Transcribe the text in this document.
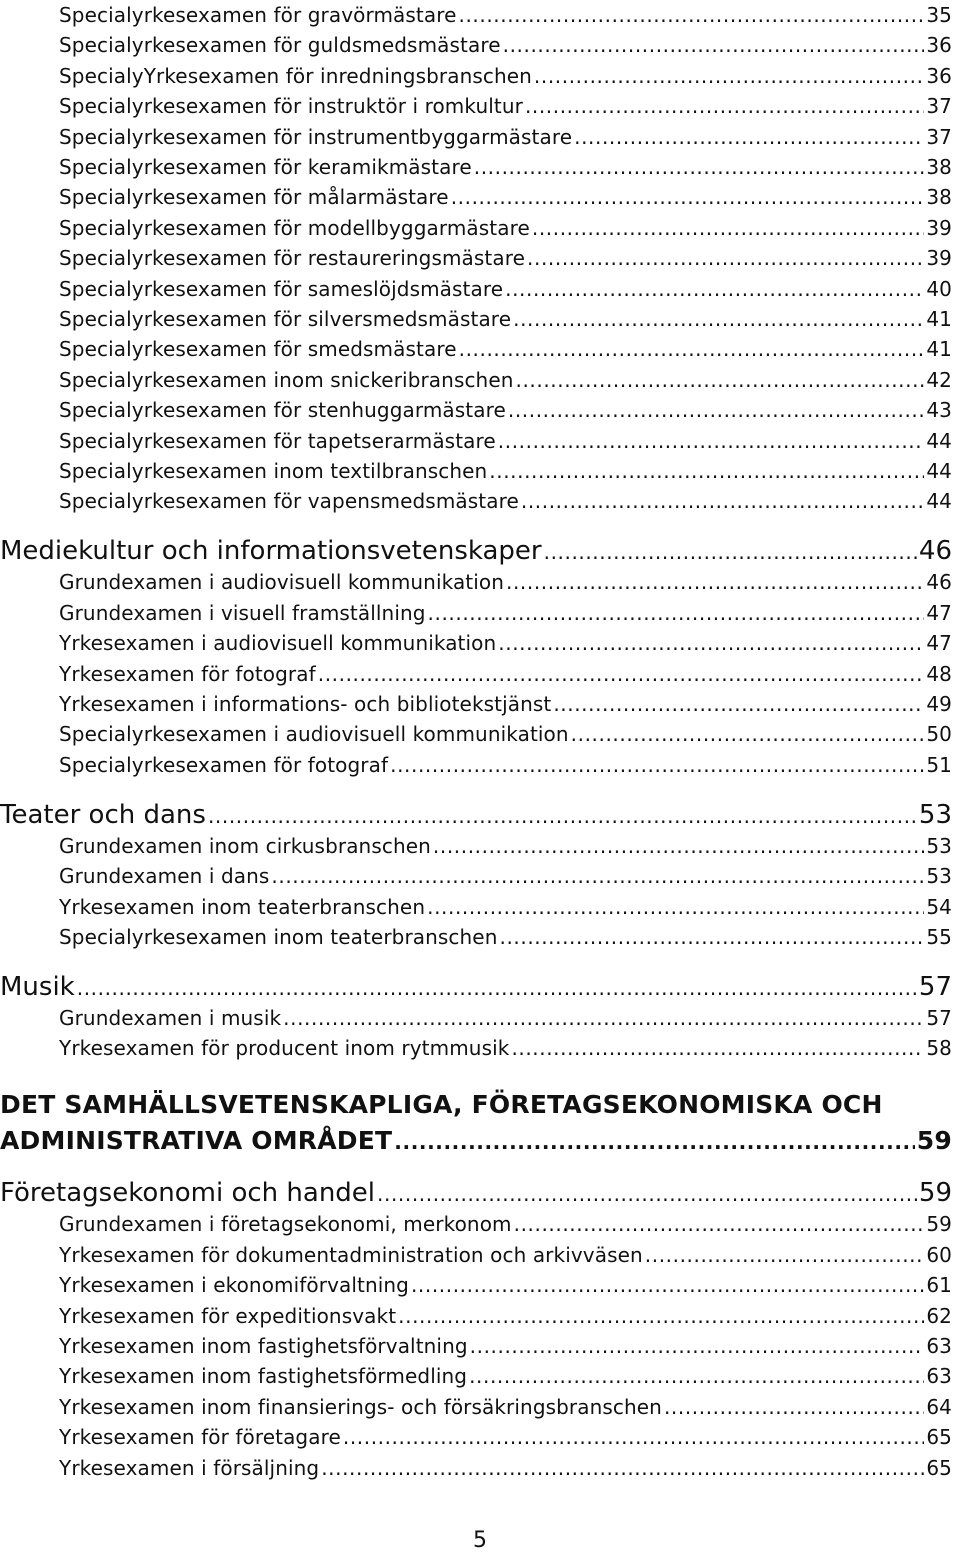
Specialyrkesexamen för gravörmästare .....	35
Specialyrkesexamen för guldsmedsmästare .....	36
SpecialyYrkesexamen för inredningsbranschen .....	36
Specialyrkesexamen för instruktör i romkultur .....	37
Specialyrkesexamen för instrumentbyggarmästare .....	37
Specialyrkesexamen för keramikmästare .....	38
Specialyrkesexamen för målarmästare .....	38
Specialyrkesexamen för modellbyggarmästare .....	39
Specialyrkesexamen för restaureringsmästare .....	39
Specialyrkesexamen för sameslöjdsmästare .....	40
Specialyrkesexamen för silversmedsmästare .....	41
Specialyrkesexamen för smedsmästare .....	41
Specialyrkesexamen inom snickeribranschen .....	42
Specialyrkesexamen för stenhuggarmästare .....	43
Specialyrkesexamen för tapetserarmästare .....	44
Specialyrkesexamen inom textilbranschen .....	44
Specialyrkesexamen för vapensmedsmästare .....	44
Mediekultur och informationsvetenskaper .....	46
Grundexamen i audiovisuell kommunikation .....	46
Grundexamen i visuell framställning .....	47
Yrkesexamen i audiovisuell kommunikation .....	47
Yrkesexamen för fotograf .....	48
Yrkesexamen i informations- och bibliotekstjänst .....	49
Specialyrkesexamen i audiovisuell kommunikation .....	50
Specialyrkesexamen för fotograf .....	51
Teater och dans .....	53
Grundexamen inom cirkusbranschen .....	53
Grundexamen i dans .....	53
Yrkesexamen inom teaterbranschen .....	54
Specialyrkesexamen inom teaterbranschen .....	55
Musik .....	57
Grundexamen i musik .....	57
Yrkesexamen för producent inom rytmmusik .....	58
DET SAMHÄLLSVETENSKAPLIGA, FÖRETAGSEKONOMISKA OCH
ADMINISTRATIVA OMRÅDET .....	59
Företagsekonomi och handel .....	59
Grundexamen i företagsekonomi, merkonom .....	59
Yrkesexamen för dokumentadministration och arkivväsen .....	60
Yrkesexamen i ekonomiförvaltning .....	61
Yrkesexamen för expeditionsvakt .....	62
Yrkesexamen inom fastighetsförvaltning .....	63
Yrkesexamen inom fastighetsförmedling .....	63
Yrkesexamen inom finansierings- och försäkringsbranschen .....	64
Yrkesexamen för företagare .....	65
Yrkesexamen i försäljning .....	65
5
